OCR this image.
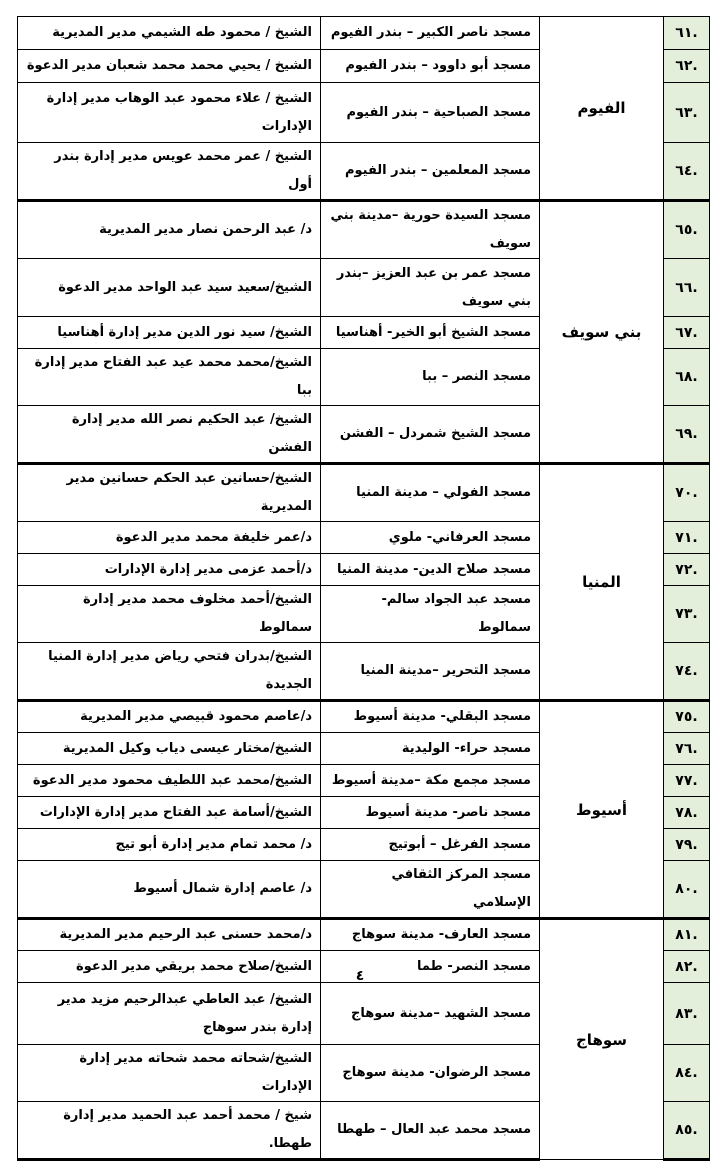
.٦١	الفيوم	مسجد ناصر الكبير – بندر الفيوم	الشيخ / محمود طه الشيمي مدير المديرية
.٦٢		مسجد أبو داوود – بندر الفيوم	الشيخ / يحيي محمد محمد شعبان مدير الدعوة
.٦٣		مسجد الصباحية – بندر الفيوم	الشيخ / علاء محمود عبد الوهاب مدير إدارة الإدارات
.٦٤		مسجد المعلمين – بندر الفيوم	الشيخ / عمر محمد عويس مدير إدارة بندر أول
.٦٥	بني سويف	مسجد السيدة حورية –مدينة بني سويف	د/ عبد الرحمن نصار مدير المديرية
.٦٦		مسجد عمر بن عبد العزيز –بندر بني سويف	الشيخ/سعيد سيد عبد الواحد مدير الدعوة
.٦٧		مسجد الشيخ أبو الخير- أهناسيا	الشيخ/ سيد نور الدين مدير إدارة أهناسيا
.٦٨		مسجد النصر – ببا	الشيخ/محمد محمد عيد عبد الفتاح مدير إدارة ببا
.٦٩		مسجد الشيخ شمردل – الفشن	الشيخ/ عبد الحكيم نصر الله مدير إدارة الفشن
.٧٠	المنيا	مسجد الفولي – مدينة المنيا	الشيخ/حسانين عبد الحكم حسانين مدير المديرية
.٧١		مسجد العرفاني- ملوي	د/عمر خليفة محمد مدير الدعوة
.٧٢		مسجد صلاح الدين- مدينة المنيا	د/أحمد عزمى مدير إدارة الإدارات
.٧٣		مسجد عبد الجواد سالم- سمالوط	الشيخ/أحمد مخلوف محمد مدير إدارة سمالوط
.٧٤		مسجد التحرير –مدينة المنيا	الشيخ/بدران فتحي رياض مدير إدارة المنيا الجديدة
.٧٥	أسيوط	مسجد البقلي- مدينة أسيوط	د/عاصم محمود قبيصي مدير المديرية
.٧٦		مسجد حراء- الوليدية	الشيخ/مختار عيسى دياب وكيل المديرية
.٧٧		مسجد مجمع مكة –مدينة أسيوط	الشيخ/محمد عبد اللطيف محمود مدير الدعوة
.٧٨		مسجد ناصر- مدينة أسيوط	الشيخ/أسامة عبد الفتاح مدير إدارة الإدارات
.٧٩		مسجد الفرغل – أبوتيج	د/ محمد تمام مدير إدارة أبو تيج
.٨٠		مسجد المركز الثقافي الإسلامي	د/ عاصم إدارة شمال أسيوط
.٨١	سوهاج	مسجد العارف- مدينة سوهاج	د/محمد حسنى عبد الرحيم مدير المديرية
.٨٢		مسجد النصر- طما	الشيخ/صلاح محمد بريقي مدير الدعوة
.٨٣		مسجد الشهيد –مدينة سوهاج	الشيخ/ عبد العاطي عبدالرحيم مزيد مدير إدارة بندر سوهاج
.٨٤		مسجد الرضوان- مدينة سوهاج	الشيخ/شحاته محمد شحاته مدير إدارة الإدارات
.٨٥		مسجد محمد عبد العال – طهطا	شيخ / محمد أحمد عبد الحميد مدير إدارة طهطا.
٤
